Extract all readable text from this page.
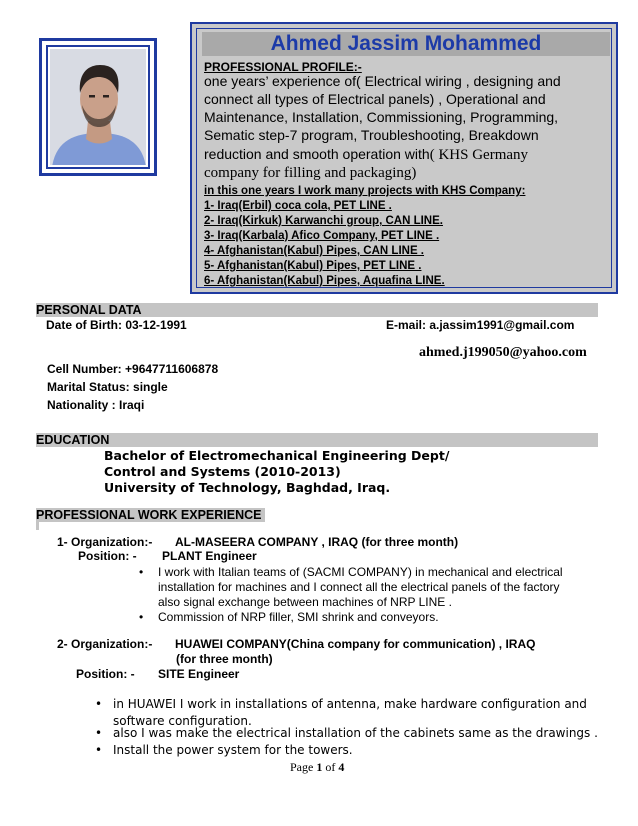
Ahmed Jassim Mohammed
PROFESSIONAL PROFILE:-
one years’ experience of( Electrical wiring , designing and
connect all types of Electrical panels) , Operational and
Maintenance, Installation, Commissioning, Programming,
Sematic step-7 program, Troubleshooting, Breakdown
reduction and smooth operation with( KHS Germany
company for filling and packaging)
in this one years I work many projects with KHS Company:
1- Iraq(Erbil) coca cola, PET LINE .
2- Iraq(Kirkuk) Karwanchi group, CAN LINE.
3- Iraq(Karbala) Afico Company, PET LINE .
4- Afghanistan(Kabul) Pipes, CAN LINE .
5- Afghanistan(Kabul) Pipes, PET LINE .
6- Afghanistan(Kabul) Pipes, Aquafina LINE.
PERSONAL DATA
Date of Birth: 03-12-1991	E-mail: a.jassim1991@gmail.com
ahmed.j199050@yahoo.com
Cell Number: +9647711606878
Marital Status: single
Nationality : Iraqi
EDUCATION
Bachelor of Electromechanical Engineering Dept/
Control and Systems (2010-2013)
University of Technology, Baghdad, Iraq.
PROFESSIONAL WORK EXPERIENCE
1- Organization:- AL-MASEERA COMPANY , IRAQ (for three month)
Position: - PLANT Engineer
• I work with Italian teams of (SACMI COMPANY) in mechanical and electrical
installation for machines and I connect all the electrical panels of the factory
also signal exchange between machines of NRP LINE .
• Commission of NRP filler, SMI shrink and conveyors.
2- Organization:- HUAWEI COMPANY(China company for communication) , IRAQ
(for three month)
Position: - SITE Engineer
• in HUAWEI I work in installations of antenna, make hardware configuration and
software configuration.
• also I was make the electrical installation of the cabinets same as the drawings .
• Install the power system for the towers.
Page 1 of 4
